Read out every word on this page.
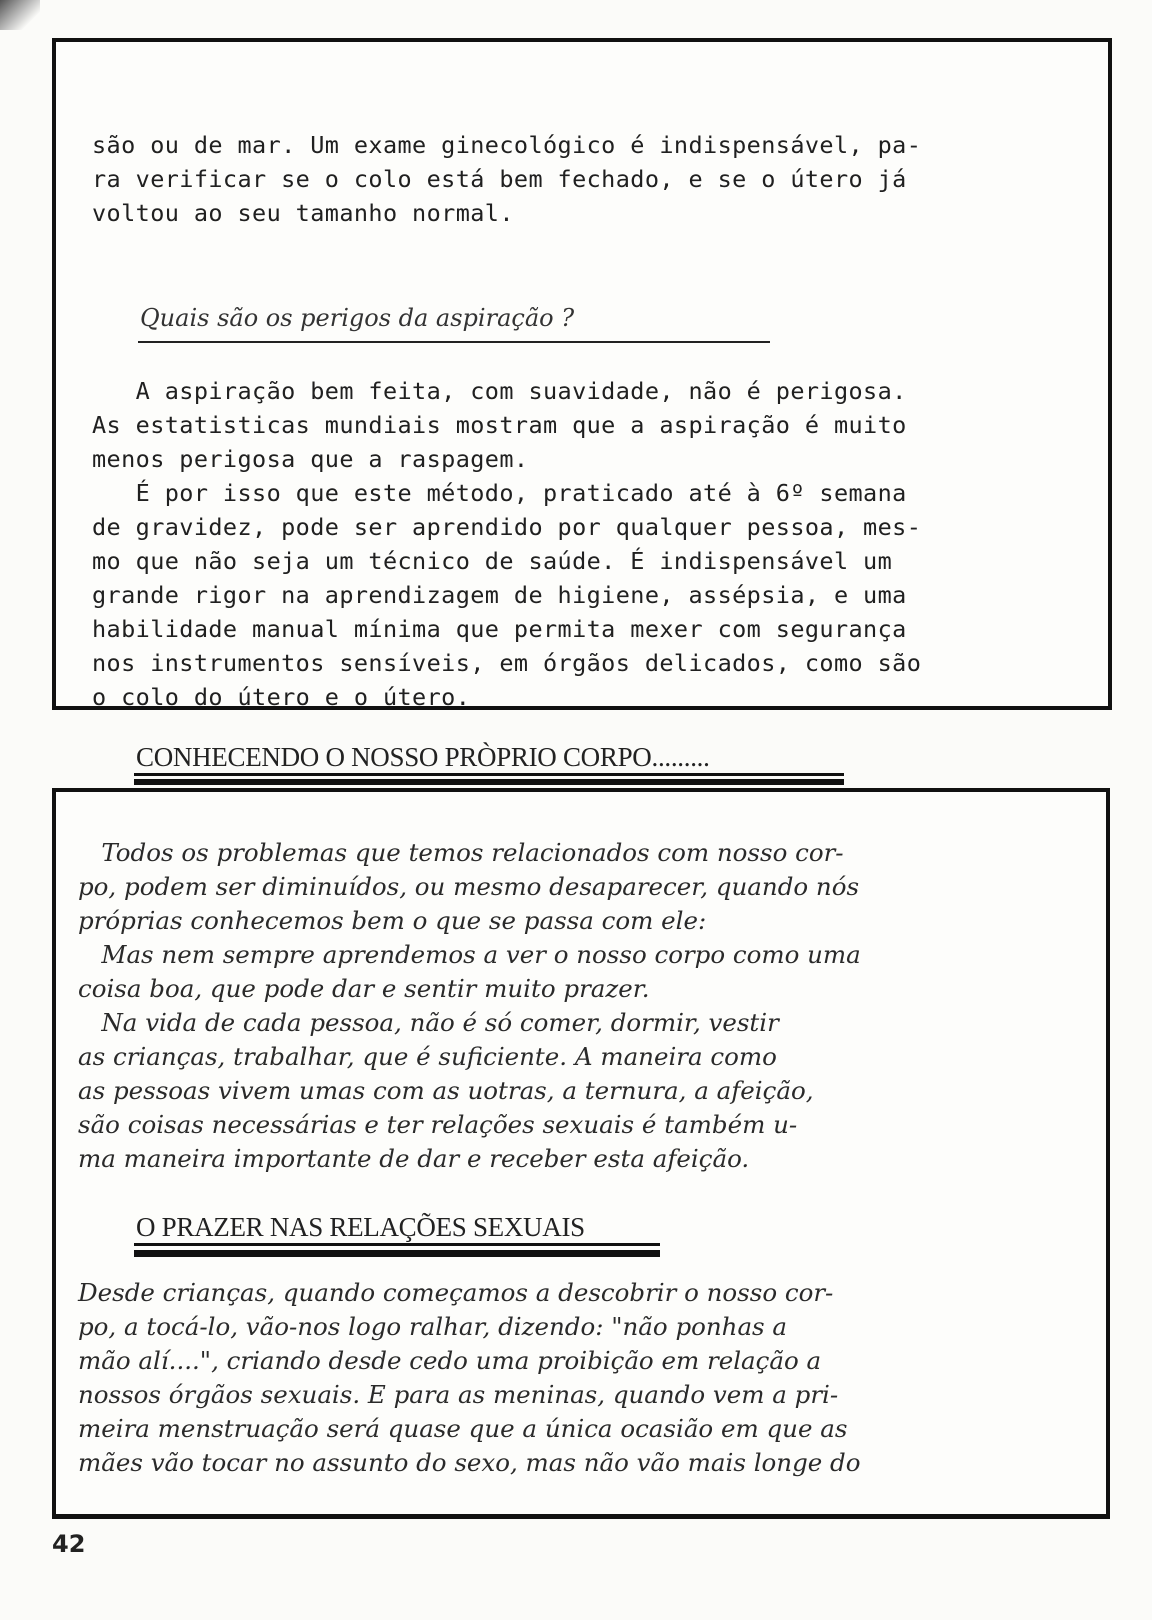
são ou de mar. Um exame ginecológico é indispensável, pa-
ra verificar se o colo está bem fechado, e se o útero já
voltou ao seu tamanho normal.

Quais são os perigos da aspiração ?

A aspiração bem feita, com suavidade, não é perigosa.
As estatisticas mundiais mostram que a aspiração é muito
menos perigosa que a raspagem.
É por isso que este método, praticado até à 6º semana
de gravidez, pode ser aprendido por qualquer pessoa, mes-
mo que não seja um técnico de saúde. É indispensável um
grande rigor na aprendizagem de higiene, assépsia, e uma
habilidade manual mínima que permita mexer com segurança
nos instrumentos sensíveis, em órgãos delicados, como são
o colo do útero e o útero.

CONHECENDO O NOSSO PRÒPRIO CORPO.........

Todos os problemas que temos relacionados com nosso cor-
po, podem ser diminuídos, ou mesmo desaparecer, quando nós
próprias conhecemos bem o que se passa com ele:
Mas nem sempre aprendemos a ver o nosso corpo como uma
coisa boa, que pode dar e sentir muito prazer.
Na vida de cada pessoa, não é só comer, dormir, vestir
as crianças, trabalhar, que é suficiente. A maneira como
as pessoas vivem umas com as uotras, a ternura, a afeição,
são coisas necessárias e ter relações sexuais é também u-
ma maneira importante de dar e receber esta afeição.

O PRAZER NAS RELAÇÕES SEXUAIS

Desde crianças, quando começamos a descobrir o nosso cor-
po, a tocá-lo, vão-nos logo ralhar, dizendo: "não ponhas a
mão alí....", criando desde cedo uma proibição em relação a
nossos órgãos sexuais. E para as meninas, quando vem a pri-
meira menstruação será quase que a única ocasião em que as
mães vão tocar no assunto do sexo, mas não vão mais longe do

42
